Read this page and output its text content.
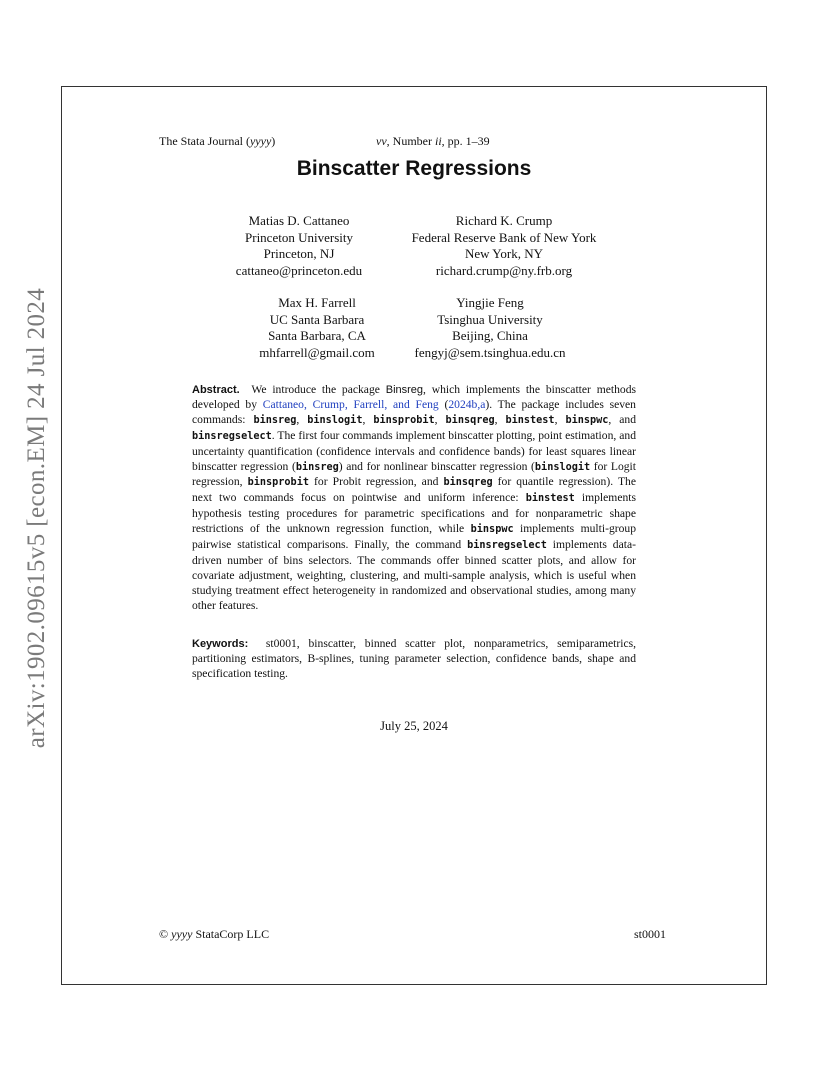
arXiv:1902.09615v5 [econ.EM] 24 Jul 2024
The Stata Journal (yyyy)	vv, Number ii, pp. 1–39
Binscatter Regressions
Matias D. Cattaneo
Princeton University
Princeton, NJ
cattaneo@princeton.edu
Richard K. Crump
Federal Reserve Bank of New York
New York, NY
richard.crump@ny.frb.org
Max H. Farrell
UC Santa Barbara
Santa Barbara, CA
mhfarrell@gmail.com
Yingjie Feng
Tsinghua University
Beijing, China
fengyj@sem.tsinghua.edu.cn
Abstract. We introduce the package Binsreg, which implements the binscatter methods developed by Cattaneo, Crump, Farrell, and Feng (2024b,a). The package includes seven commands: binsreg, binslogit, binsprobit, binsqreg, binstest, binspwc, and binsregselect. The first four commands implement binscatter plotting, point estimation, and uncertainty quantification (confidence intervals and confidence bands) for least squares linear binscatter regression (binsreg) and for nonlinear binscatter regression (binslogit for Logit regression, binsprobit for Probit regression, and binsqreg for quantile regression). The next two commands focus on pointwise and uniform inference: binstest implements hypothesis testing procedures for parametric specifications and for nonparametric shape restrictions of the unknown regression function, while binspwc implements multi-group pairwise statistical comparisons. Finally, the command binsregselect implements data-driven number of bins selectors. The commands offer binned scatter plots, and allow for covariate adjustment, weighting, clustering, and multi-sample analysis, which is useful when studying treatment effect heterogeneity in randomized and observational studies, among many other features.
Keywords: st0001, binscatter, binned scatter plot, nonparametrics, semiparametrics, partitioning estimators, B-splines, tuning parameter selection, confidence bands, shape and specification testing.
July 25, 2024
© yyyy StataCorp LLC	st0001
